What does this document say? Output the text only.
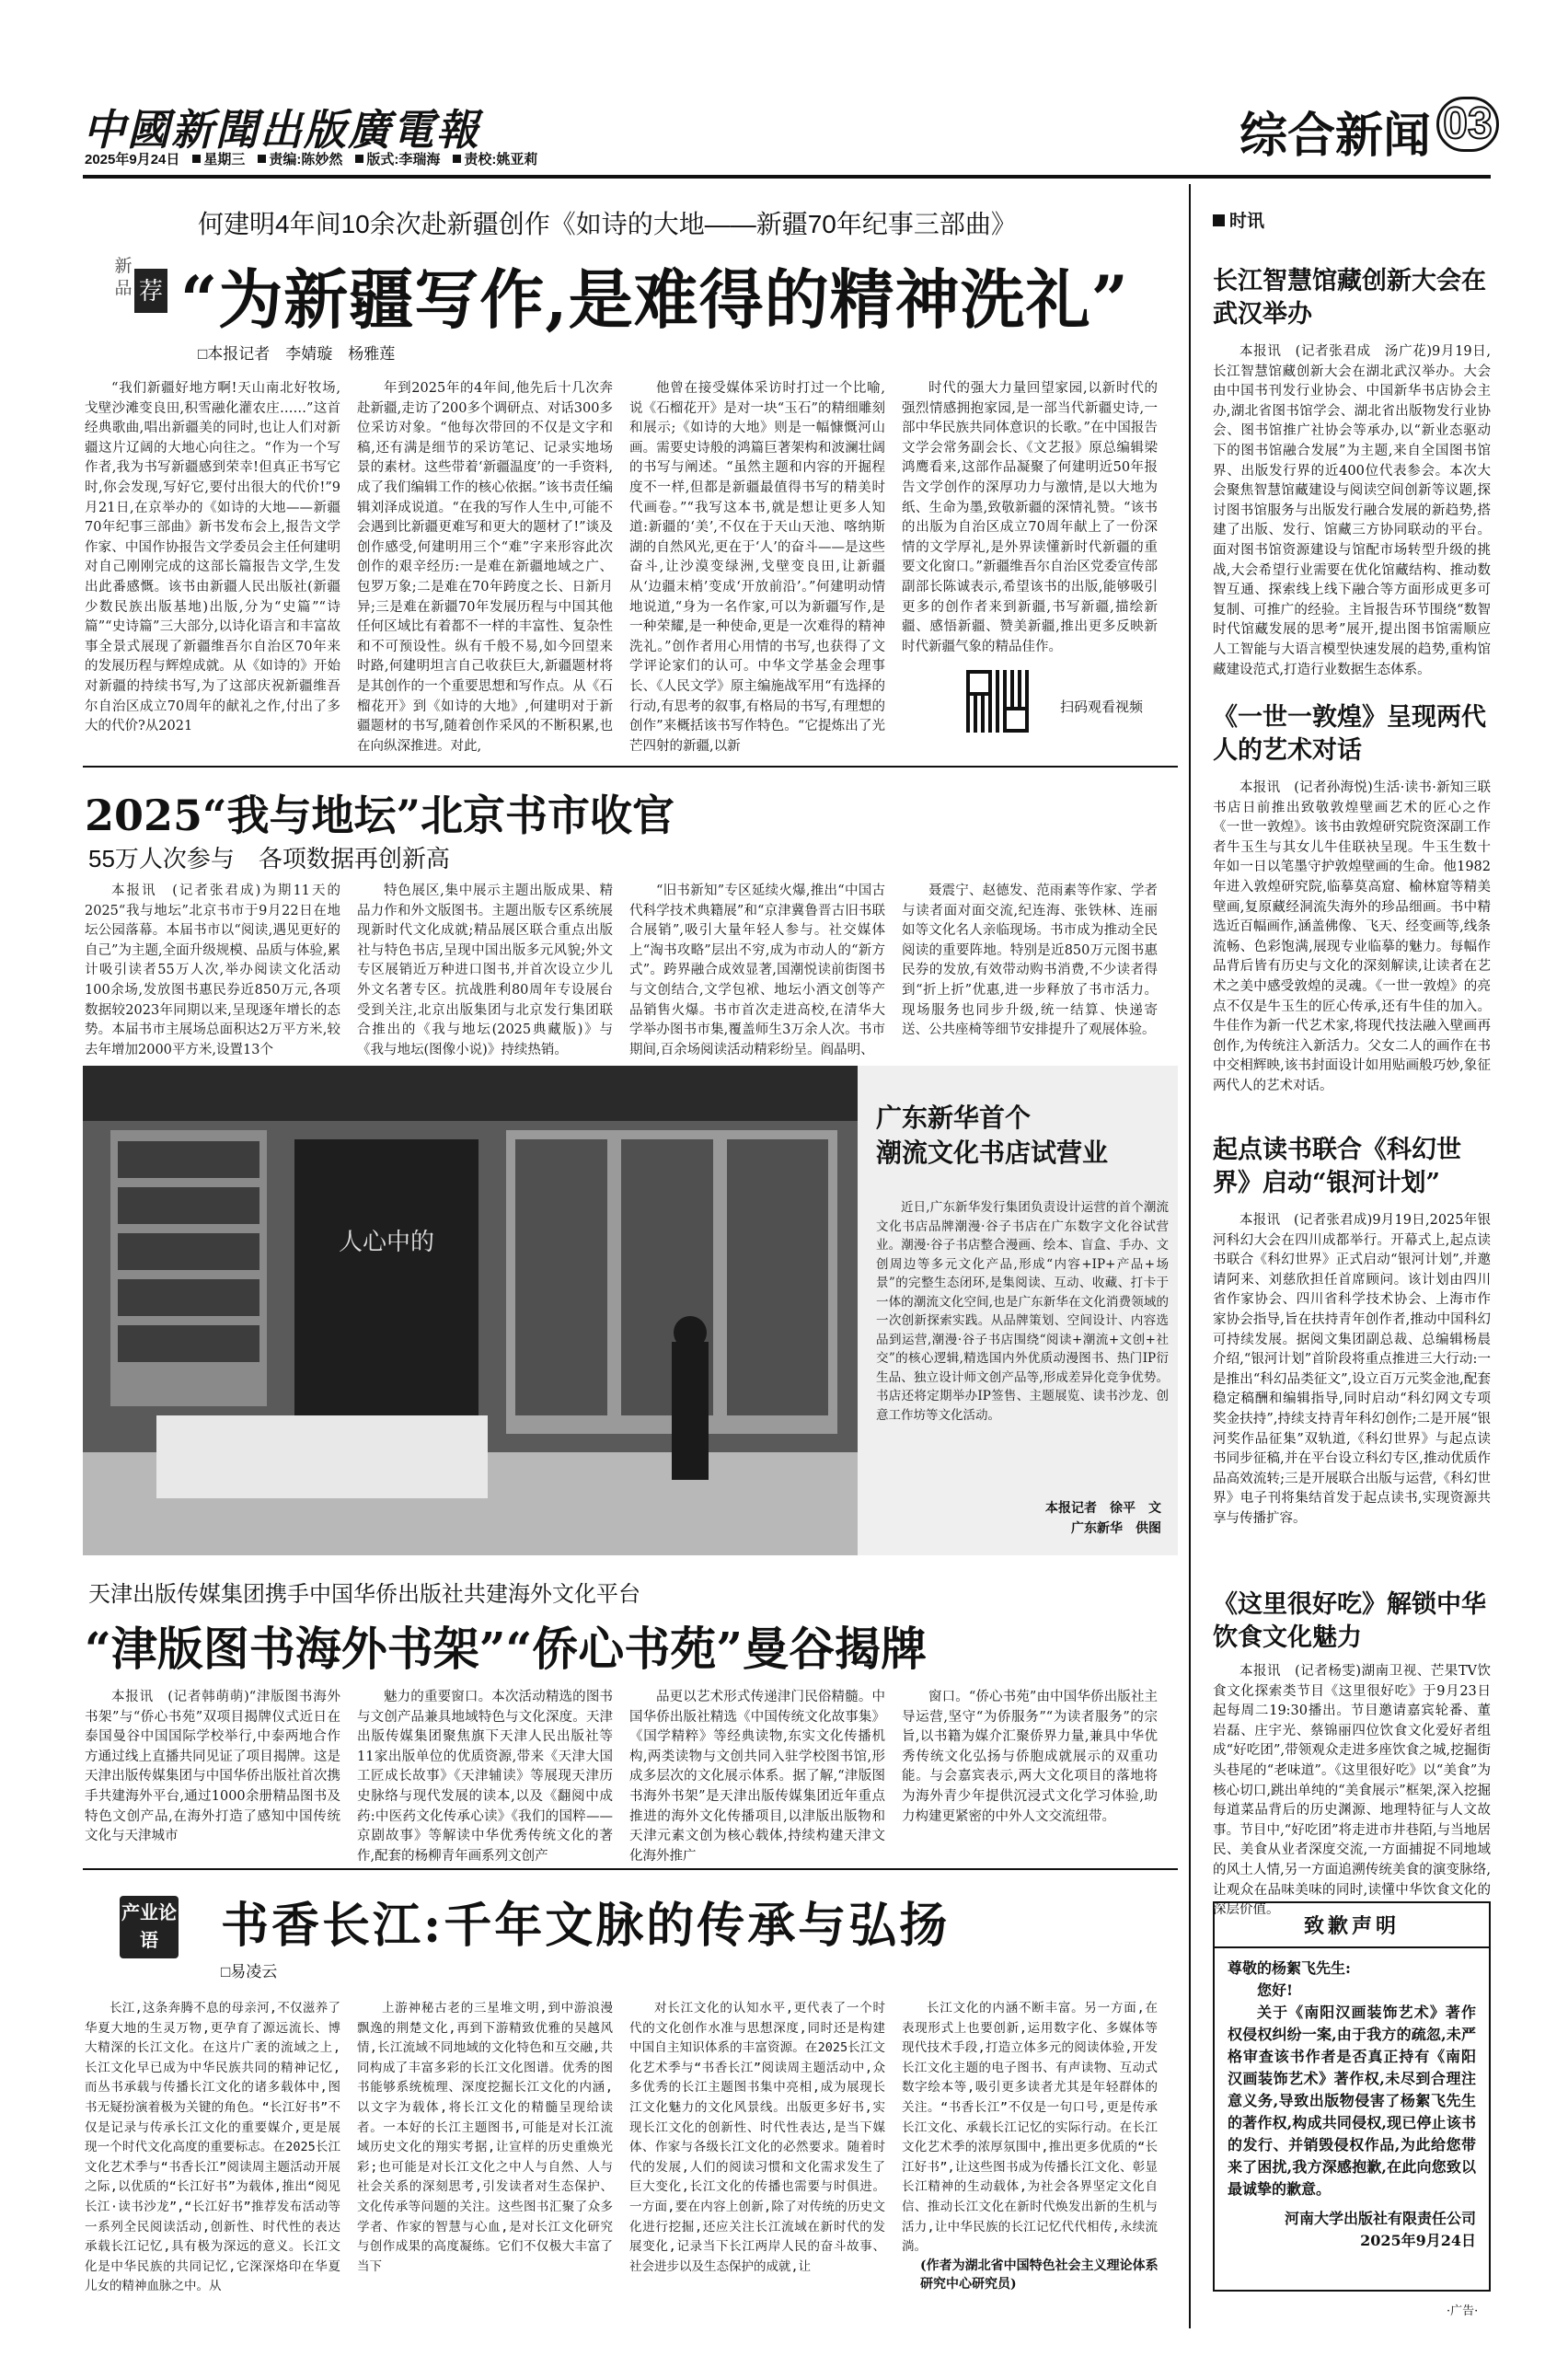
中國新聞出版廣電報
2025年9月24日	星期三	责编:陈妙然	版式:李瑞海	责校:姚亚莉	综合新闻 03
何建明4年间10余次赴新疆创作《如诗的大地——新疆70年纪事三部曲》
新
品 荐 “为新疆写作,是难得的精神洗礼”
□本报记者　李婧璇　杨雅莲
“我们新疆好地方啊!天山南北好牧场,戈壁沙滩变良田,积雪融化灌农庄……”这首经典歌曲,唱出新疆美的同时,也让人们对新疆这片辽阔的大地心向往之。“作为一个写作者,我为书写新疆感到荣幸!但真正书写它时,你会发现,写好它,要付出很大的代价!”9月21日,在京举办的《如诗的大地——新疆70年纪事三部曲》新书发布会上,报告文学作家、中国作协报告文学委员会主任何建明对自己刚刚完成的这部长篇报告文学,生发出此番感慨。该书由新疆人民出版社(新疆少数民族出版基地)出版,分为“史篇”“诗篇”“史诗篇”三大部分,以诗化语言和丰富故事全景式展现了新疆维吾尔自治区70年来的发展历程与辉煌成就。从《如诗的》开始对新疆的持续书写,为了这部庆祝新疆维吾尔自治区成立70周年的献礼之作,付出了多大的代价?从2021
年到2025年的4年间,他先后十几次奔赴新疆,走访了200多个调研点、对话300多位采访对象。“他每次带回的不仅是文字和稿,还有满是细节的采访笔记、记录实地场景的素材。这些带着‘新疆温度’的一手资料,成了我们编辑工作的核心依据。”该书责任编辑刘泽成说道。“在我的写作人生中,可能不会遇到比新疆更难写和更大的题材了!”谈及创作感受,何建明用三个“难”字来形容此次创作的艰辛经历:一是难在新疆地域之广、包罗万象;二是难在70年跨度之长、日新月异;三是难在新疆70年发展历程与中国其他任何区域比有着都不一样的丰富性、复杂性和不可预设性。纵有千般不易,如今回望来时路,何建明坦言自己收获巨大,新疆题材将是其创作的一个重要思想和写作点。从《石榴花开》到《如诗的大地》,何建明对于新疆题材的书写,随着创作采风的不断积累,也在向纵深推进。对此,
他曾在接受媒体采访时打过一个比喻,说《石榴花开》是对一块“玉石”的精细雕刻和展示;《如诗的大地》则是一幅慷慨河山画。需要史诗般的鸿篇巨著架构和波澜壮阔的书写与阐述。“虽然主题和内容的开掘程度不一样,但都是新疆最值得书写的精美时代画卷。”“我写这本书,就是想让更多人知道:新疆的‘美’,不仅在于天山天池、喀纳斯湖的自然风光,更在于‘人’的奋斗——是这些奋斗,让沙漠变绿洲,戈壁变良田,让新疆从‘边疆末梢’变成‘开放前沿’。”何建明动情地说道,“身为一名作家,可以为新疆写作,是一种荣耀,是一种使命,更是一次难得的精神洗礼。”创作者用心用情的书写,也获得了文学评论家们的认可。中华文学基金会理事长、《人民文学》原主编施战军用“有选择的行动,有思考的叙事,有格局的书写,有理想的创作”来概括该书写作特色。“它提炼出了光芒四射的新疆,以新
时代的强大力量回望家园,以新时代的强烈情感拥抱家园,是一部当代新疆史诗,一部中华民族共同体意识的长歌。”在中国报告文学会常务副会长、《文艺报》原总编辑梁鸿鹰看来,这部作品凝聚了何建明近50年报告文学创作的深厚功力与激情,是以大地为纸、生命为墨,致敬新疆的深情礼赞。“该书的出版为自治区成立70周年献上了一份深情的文学厚礼,是外界读懂新时代新疆的重要文化窗口。”新疆维吾尔自治区党委宣传部副部长陈诚表示,希望该书的出版,能够吸引更多的创作者来到新疆,书写新疆,描绘新疆、感悟新疆、赞美新疆,推出更多反映新时代新疆气象的精品佳作。
扫码观看视频
2025“我与地坛”北京书市收官
55万人次参与　各项数据再创新高
本报讯　(记者张君成)为期11天的2025“我与地坛”北京书市于9月22日在地坛公园落幕。本届书市以“阅读,遇见更好的自己”为主题,全面升级规模、品质与体验,累计吸引读者55万人次,举办阅读文化活动100余场,发放图书惠民券近850万元,各项数据较2023年同期以来,呈现逐年增长的态势。本届书市主展场总面积达2万平方米,较去年增加2000平方米,设置13个
特色展区,集中展示主题出版成果、精品力作和外文版图书。主题出版专区系统展现新时代文化成就;精品展区联合重点出版社与特色书店,呈现中国出版多元风貌;外文专区展销近万种进口图书,并首次设立少儿外文名著专区。抗战胜利80周年专设展台受到关注,北京出版集团与北京发行集团联合推出的《我与地坛(2025典藏版)》与《我与地坛(图像小说)》持续热销。
“旧书新知”专区延续火爆,推出“中国古代科学技术典籍展”和“京津冀鲁晋古旧书联合展销”,吸引大量年轻人参与。社交媒体上“淘书攻略”层出不穷,成为市动人的“新方式”。跨界融合成效显著,国潮悦读前街图书与文创结合,文学包袱、地坛小酒文创等产品销售火爆。书市首次走进高校,在清华大学举办图书市集,覆盖师生3万余人次。书市期间,百余场阅读活动精彩纷呈。阎晶明、
聂震宁、赵德发、范雨素等作家、学者与读者面对面交流,纪连海、张铁林、连丽如等文化名人亲临现场。书市成为推动全民阅读的重要阵地。特别是近850万元图书惠民券的发放,有效带动购书消费,不少读者得到“折上折”优惠,进一步释放了书市活力。现场服务也同步升级,统一结算、快递寄送、公共座椅等细节安排提升了观展体验。
人心中的
广东新华首个
潮流文化书店试营业
近日,广东新华发行集团负责设计运营的首个潮流文化书店品牌潮漫·谷子书店在广东数字文化谷试营业。潮漫·谷子书店整合漫画、绘本、盲盒、手办、文创周边等多元文化产品,形成“内容+IP+产品+场景”的完整生态闭环,是集阅读、互动、收藏、打卡于一体的潮流文化空间,也是广东新华在文化消费领域的一次创新探索实践。从品牌策划、空间设计、内容选品到运营,潮漫·谷子书店围绕“阅读+潮流+文创+社交”的核心逻辑,精选国内外优质动漫图书、热门IP衍生品、独立设计师文创产品等,形成差异化竞争优势。书店还将定期举办IP签售、主题展览、读书沙龙、创意工作坊等文化活动。
本报记者　徐平　文
广东新华　供图
天津出版传媒集团携手中国华侨出版社共建海外文化平台
“津版图书海外书架”“侨心书苑”曼谷揭牌
本报讯　(记者韩萌萌)“津版图书海外书架”与“侨心书苑”双项目揭牌仪式近日在泰国曼谷中国国际学校举行,中泰两地合作方通过线上直播共同见证了项目揭牌。这是天津出版传媒集团与中国华侨出版社首次携手共建海外平台,通过1000余册精品图书及特色文创产品,在海外打造了感知中国传统文化与天津城市
魅力的重要窗口。本次活动精选的图书与文创产品兼具地域特色与文化深度。天津出版传媒集团聚焦旗下天津人民出版社等11家出版单位的优质资源,带来《天津大国工匠成长故事》《天津辅读》等展现天津历史脉络与现代发展的读本,以及《翻阅中成药:中医药文化传承心读》《我们的国粹——京剧故事》等解读中华优秀传统文化的著作,配套的杨柳青年画系列文创产
品更以艺术形式传递津门民俗精髓。中国华侨出版社精选《中国传统文化故事集》《国学精粹》等经典读物,东实文化传播机构,两类读物与文创共同入驻学校图书馆,形成多层次的文化展示体系。据了解,“津版图书海外书架”是天津出版传媒集团近年重点推进的海外文化传播项目,以津版出版物和天津元素文创为核心载体,持续构建天津文化海外推广
窗口。“侨心书苑”由中国华侨出版社主导运营,坚守“为侨服务”“为读者服务”的宗旨,以书籍为媒介汇聚侨界力量,兼具中华优秀传统文化弘扬与侨胞成就展示的双重功能。与会嘉宾表示,两大文化项目的落地将为海外青少年提供沉浸式文化学习体验,助力构建更紧密的中外人文交流纽带。
产业论语	书香长江:千年文脉的传承与弘扬
□易凌云
长江,这条奔腾不息的母亲河,不仅滋养了华夏大地的生灵万物,更孕育了源远流长、博大精深的长江文化。在这片广袤的流域之上,长江文化早已成为中华民族共同的精神记忆,而丛书承载与传播长江文化的诸多载体中,图书无疑扮演着极为关键的角色。“长江好书”不仅是记录与传承长江文化的重要媒介,更是展现一个时代文化高度的重要标志。在2025长江文化艺术季与“书香长江”阅读周主题活动开展之际,以优质的“长江好书”为载体,推出“阅见长江·读书沙龙”,“长江好书”推荐发布活动等一系列全民阅读活动,创新性、时代性的表达承载长江记忆,具有极为深远的意义。长江文化是中华民族的共同记忆,它深深烙印在华夏儿女的精神血脉之中。从
上游神秘古老的三星堆文明,到中游浪漫飘逸的荆楚文化,再到下游精致优雅的吴越风情,长江流域不同地域的文化特色和互交融,共同构成了丰富多彩的长江文化图谱。优秀的图书能够系统梳理、深度挖掘长江文化的内涵,以文字为载体,将长江文化的精髓呈现给读者。一本好的长江主题图书,可能是对长江流域历史文化的翔实考据,让宣样的历史重焕光彩;也可能是对长江文化之中人与自然、人与社会关系的深刻思考,引发读者对生态保护、文化传承等问题的关注。这些图书汇聚了众多学者、作家的智慧与心血,是对长江文化研究与创作成果的高度凝练。它们不仅极大丰富了当下
对长江文化的认知水平,更代表了一个时代的文化创作水准与思想深度,同时还是构建中国自主知识体系的丰富资源。在2025长江文化艺术季与“书香长江”阅读周主题活动中,众多优秀的长江主题图书集中亮相,成为展现长江文化魅力的文化风景线。出版更多好书,实现长江文化的创新性、时代性表达,是当下媒体、作家与各级长江文化的必然要求。随着时代的发展,人们的阅读习惯和文化需求发生了巨大变化,长江文化的传播也需要与时俱进。一方面,要在内容上创新,除了对传统的历史文化进行挖掘,还应关注长江流域在新时代的发展变化,记录当下长江两岸人民的奋斗故事、社会进步以及生态保护的成就,让
长江文化的内涵不断丰富。另一方面,在表现形式上也要创新,运用数字化、多媒体等现代技术手段,打造立体多元的阅读体验,开发长江文化主题的电子图书、有声读物、互动式数字绘本等,吸引更多读者尤其是年轻群体的关注。“书香长江”不仅是一句口号,更是传承长江文化、承载长江记忆的实际行动。在长江文化艺术季的浓厚氛围中,推出更多优质的“长江好书”,让这些图书成为传播长江文化、彰显长江精神的生动载体,为社会各界坚定文化自信、推动长江文化在新时代焕发出新的生机与活力,让中华民族的长江记忆代代相传,永续流淌。
(作者为湖北省中国特色社会主义理论体系研究中心研究员)
时讯
长江智慧馆藏创新大会在武汉举办
本报讯　(记者张君成　汤广花)9月19日,长江智慧馆藏创新大会在湖北武汉举办。大会由中国书刊发行业协会、中国新华书店协会主办,湖北省图书馆学会、湖北省出版物发行业协会、图书馆推广社协会等承办,以“新业态驱动下的图书馆融合发展”为主题,来自全国图书馆界、出版发行界的近400位代表参会。本次大会聚焦智慧馆藏建设与阅读空间创新等议题,探讨图书馆服务与出版发行融合发展的新趋势,搭建了出版、发行、馆藏三方协同联动的平台。面对图书馆资源建设与馆配市场转型升级的挑战,大会希望行业需要在优化馆藏结构、推动数智互通、探索线上线下融合等方面形成更多可复制、可推广的经验。主旨报告环节围绕“数智时代馆藏发展的思考”展开,提出图书馆需顺应人工智能与大语言模型快速发展的趋势,重构馆藏建设范式,打造行业数据生态体系。
《一世一敦煌》呈现两代人的艺术对话
本报讯　(记者孙海悦)生活·读书·新知三联书店日前推出致敬敦煌壁画艺术的匠心之作《一世一敦煌》。该书由敦煌研究院资深副工作者牛玉生与其女儿牛佳联袂呈现。牛玉生数十年如一日以笔墨守护敦煌壁画的生命。他1982年进入敦煌研究院,临摹莫高窟、榆林窟等精美壁画,复原藏经洞流失海外的珍品细画。书中精选近百幅画作,涵盖佛像、飞天、经变画等,线条流畅、色彩饱满,展现专业临摹的魅力。每幅作品背后皆有历史与文化的深刻解读,让读者在艺术之美中感受敦煌的灵魂。《一世一敦煌》的亮点不仅是牛玉生的匠心传承,还有牛佳的加入。牛佳作为新一代艺术家,将现代技法融入壁画再创作,为传统注入新活力。父女二人的画作在书中交相辉映,该书封面设计如用贴画般巧妙,象征两代人的艺术对话。
起点读书联合《科幻世界》启动“银河计划”
本报讯　(记者张君成)9月19日,2025年银河科幻大会在四川成都举行。开幕式上,起点读书联合《科幻世界》正式启动“银河计划”,并邀请阿来、刘慈欣担任首席顾问。该计划由四川省作家协会、四川省科学技术协会、上海市作家协会指导,旨在扶持青年创作者,推动中国科幻可持续发展。据阅文集团副总裁、总编辑杨晨介绍,“银河计划”首阶段将重点推进三大行动:一是推出“科幻品类征文”,设立百万元奖金池,配套稳定稿酬和编辑指导,同时启动“科幻网文专项奖金扶持”,持续支持青年科幻创作;二是开展“银河奖作品征集”双轨道,《科幻世界》与起点读书同步征稿,并在平台设立科幻专区,推动优质作品高效流转;三是开展联合出版与运营,《科幻世界》电子刊将集结首发于起点读书,实现资源共享与传播扩容。
《这里很好吃》解锁中华饮食文化魅力
本报讯　(记者杨雯)湖南卫视、芒果TV饮食文化探索类节目《这里很好吃》于9月23日起每周二19:30播出。节目邀请嘉宾轮番、董岩磊、庄宇光、蔡锦丽四位饮食文化爱好者组成“好吃团”,带领观众走进多座饮食之城,挖掘街头巷尾的“老味道”。《这里很好吃》以“美食”为核心切口,跳出单纯的“美食展示”框架,深入挖掘每道菜品背后的历史渊源、地理特征与人文故事。节目中,“好吃团”将走进市井巷陌,与当地居民、美食从业者深度交流,一方面捕捉不同地域的风土人情,另一方面追溯传统美食的演变脉络,让观众在品味美味的同时,读懂中华饮食文化的深层价值。
致歉声明
尊敬的杨絮飞先生:
您好!
关于《南阳汉画装饰艺术》著作权侵权纠纷一案,由于我方的疏忽,未严格审查该书作者是否真正持有《南阳汉画装饰艺术》著作权,未尽到合理注意义务,导致出版物侵害了杨絮飞先生的著作权,构成共同侵权,现已停止该书的发行、并销毁侵权作品,为此给您带来了困扰,我方深感抱歉,在此向您致以最诚挚的歉意。
河南大学出版社有限责任公司
2025年9月24日
·广告·
